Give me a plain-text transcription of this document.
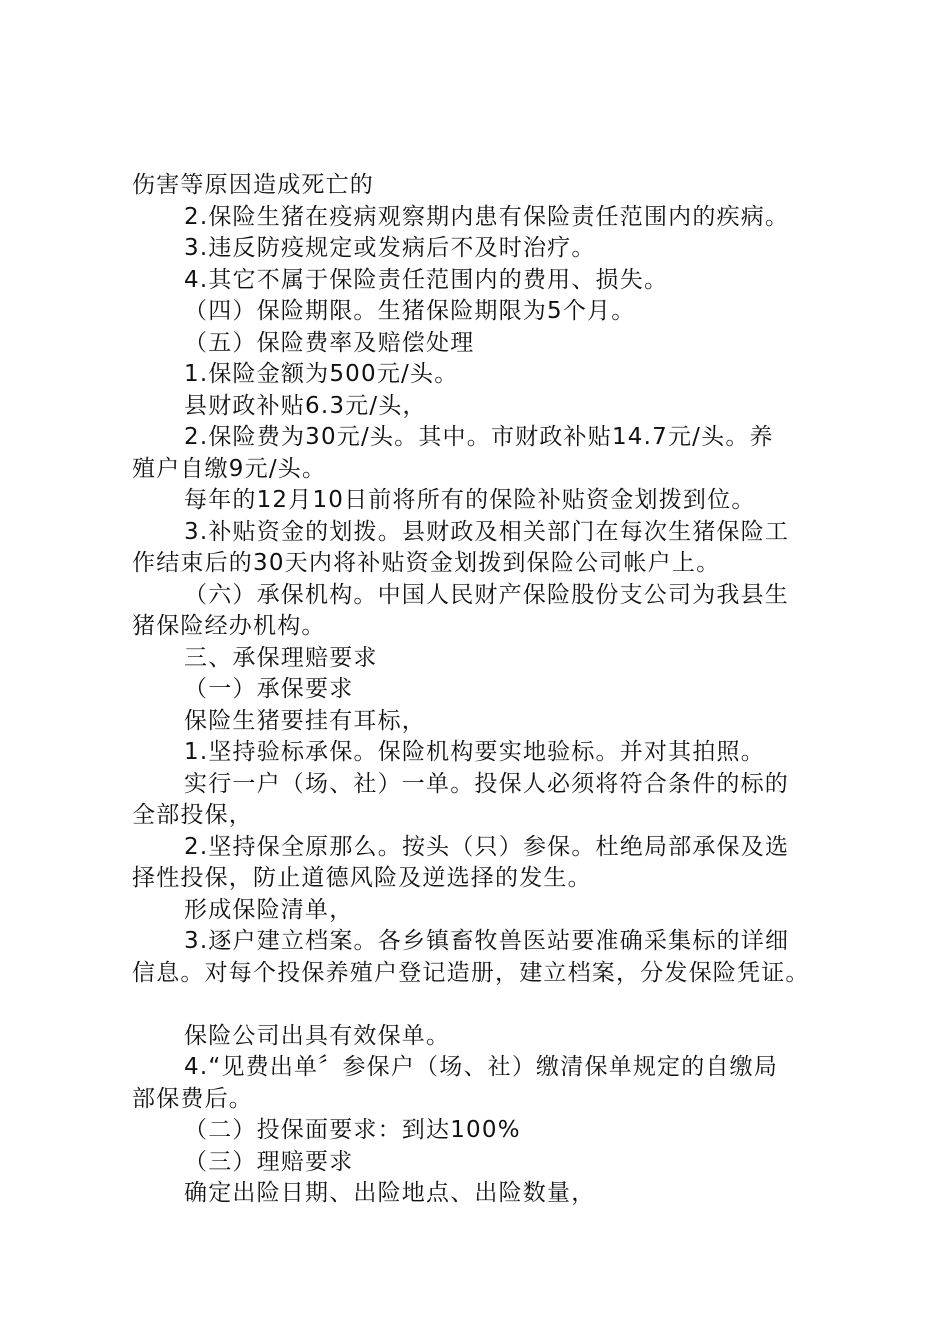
伤害等原因造成死亡的
2.保险生猪在疫病观察期内患有保险责任范围内的疾病。
3.违反防疫规定或发病后不及时治疗。
4.其它不属于保险责任范围内的费用、损失。
（四）保险期限。生猪保险期限为5个月。
（五）保险费率及赔偿处理
1.保险金额为500元/头。
县财政补贴6.3元/头，
2.保险费为30元/头。其中。市财政补贴14.7元/头。养
殖户自缴9元/头。
每年的12月10日前将所有的保险补贴资金划拨到位。
3.补贴资金的划拨。县财政及相关部门在每次生猪保险工
作结束后的30天内将补贴资金划拨到保险公司帐户上。
（六）承保机构。中国人民财产保险股份支公司为我县生
猪保险经办机构。
三、承保理赔要求
（一）承保要求
保险生猪要挂有耳标，
1.坚持验标承保。保险机构要实地验标。并对其拍照。
实行一户（场、社）一单。投保人必须将符合条件的标的
全部投保，
2.坚持保全原那么。按头（只）参保。杜绝局部承保及选
择性投保，防止道德风险及逆选择的发生。
形成保险清单，
3.逐户建立档案。各乡镇畜牧兽医站要准确采集标的详细
信息。对每个投保养殖户登记造册，建立档案，分发保险凭证。
保险公司出具有效保单。
4.“见费出单〞参保户（场、社）缴清保单规定的自缴局
部保费后。
（二）投保面要求：到达100%
（三）理赔要求
确定出险日期、出险地点、出险数量，
